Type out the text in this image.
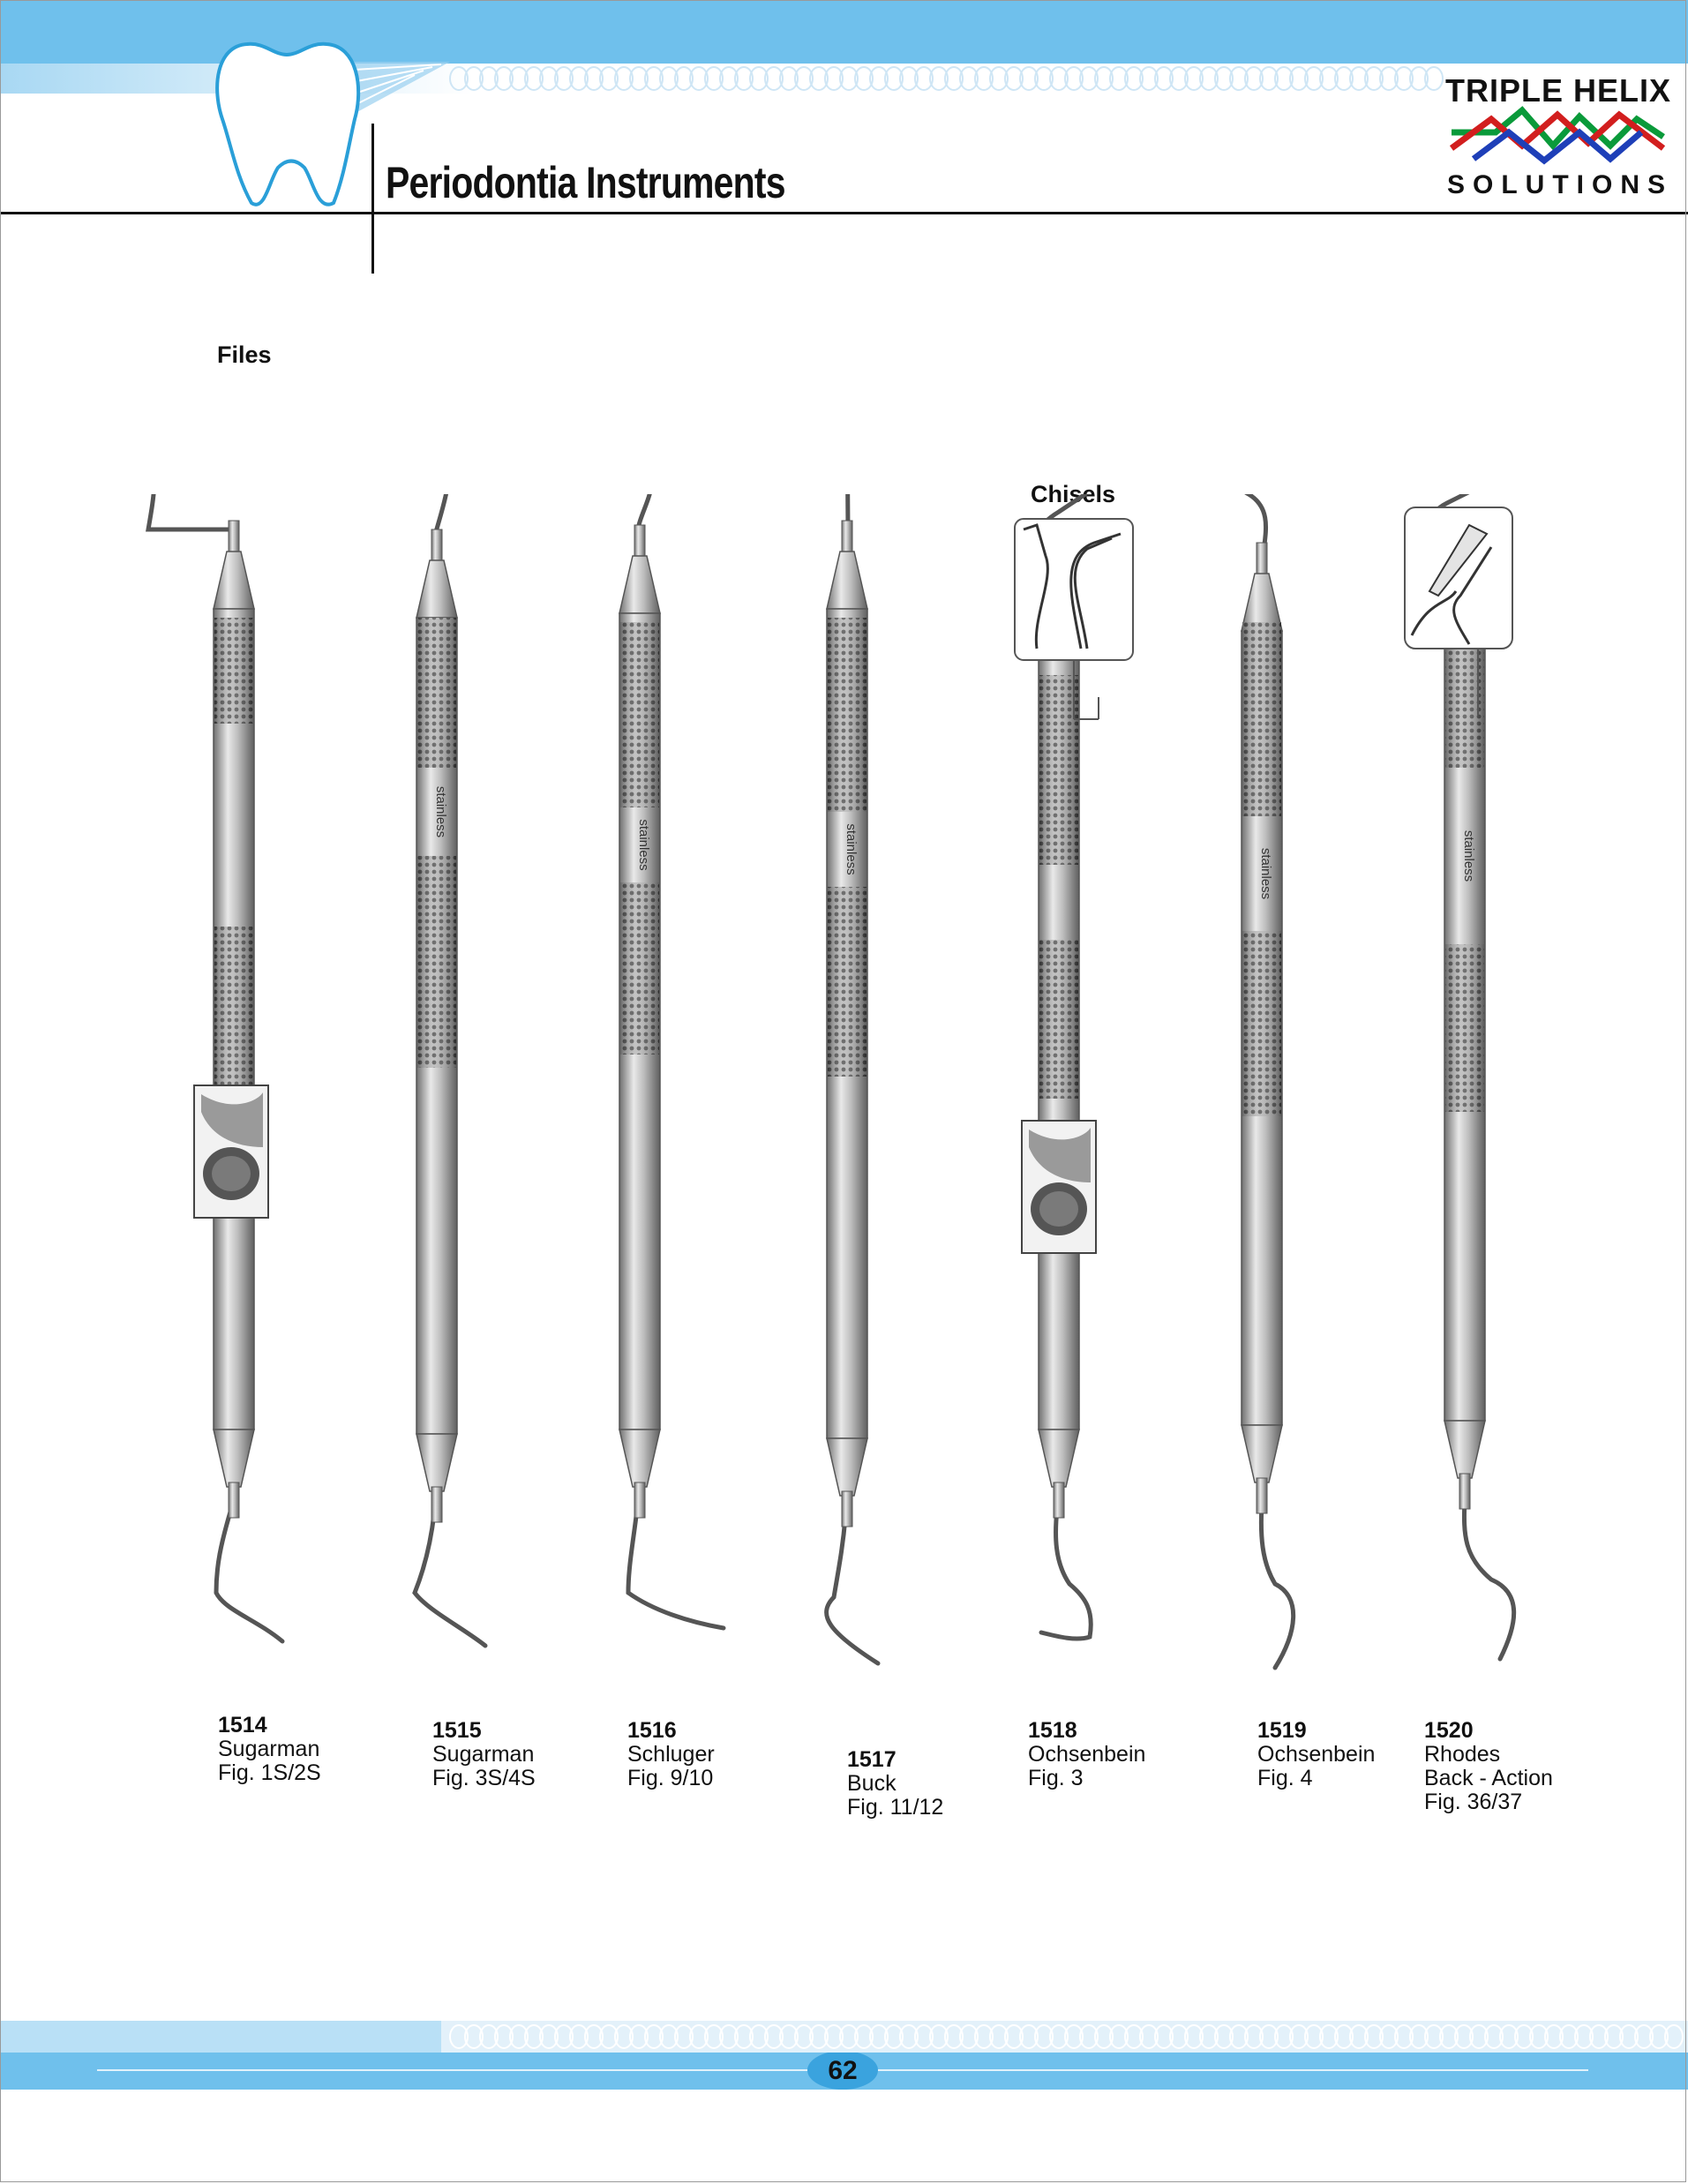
Periodontia Instruments
TRIPLE HELIX
SOLUTIONS
Files
Chisels
stainless
stainless	stainless	stainless	stainless
1514
Sugarman
Fig. 1S/2S
1515
Sugarman
Fig. 3S/4S
1516
Schluger
Fig. 9/10
1517
Buck
Fig. 11/12
1518
Ochsenbein
Fig. 3
1519
Ochsenbein
Fig. 4
1520
Rhodes
Back - Action
Fig. 36/37
62
